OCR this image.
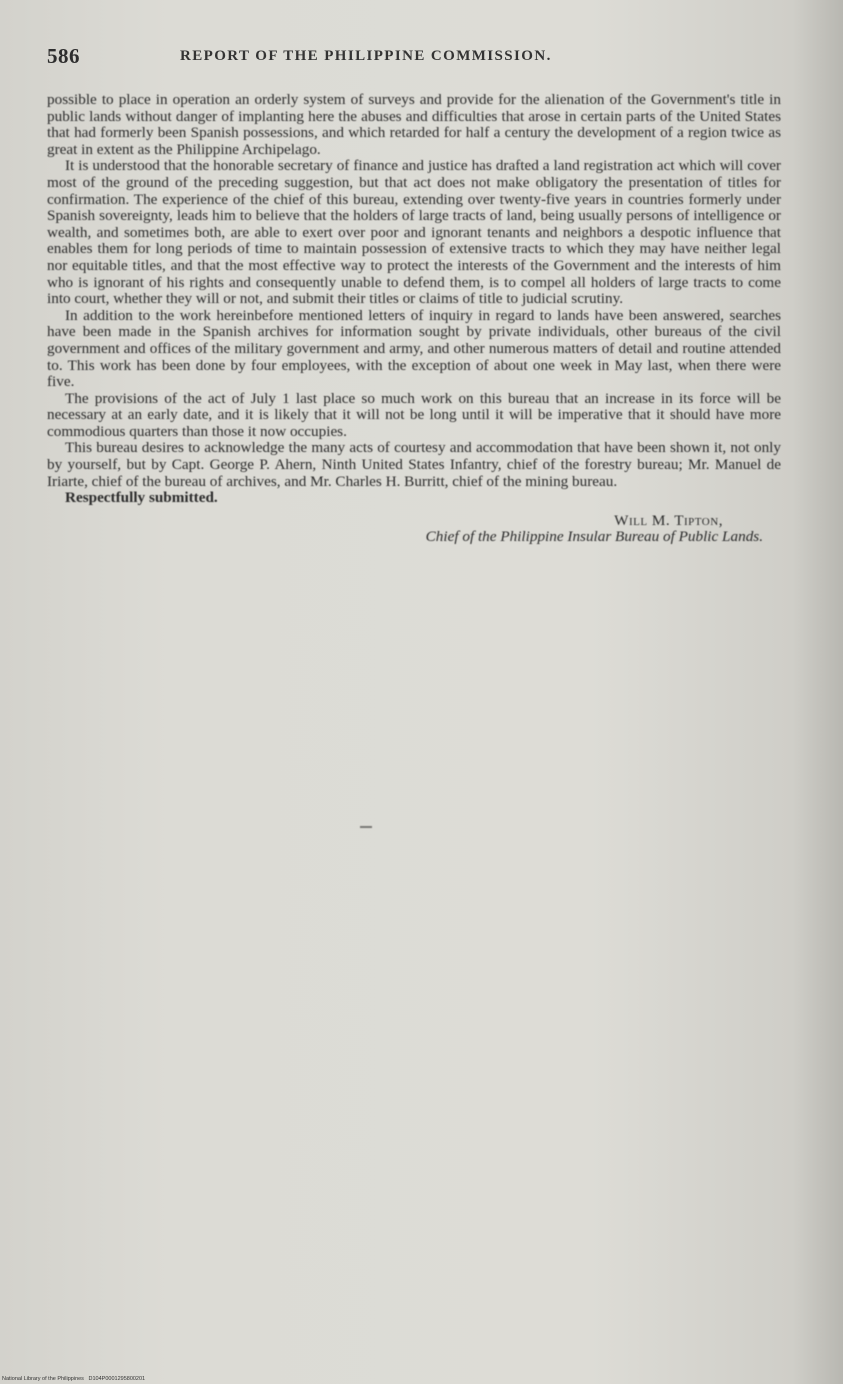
586	REPORT OF THE PHILIPPINE COMMISSION.

possible to place in operation an orderly system of surveys and provide for the alienation of the Government's title in public lands without danger of implanting here the abuses and difficulties that arose in certain parts of the United States that had formerly been Spanish possessions, and which retarded for half a century the development of a region twice as great in extent as the Philippine Archipelago.

It is understood that the honorable secretary of finance and justice has drafted a land registration act which will cover most of the ground of the preceding suggestion, but that act does not make obligatory the presentation of titles for confirmation. The experience of the chief of this bureau, extending over twenty-five years in countries formerly under Spanish sovereignty, leads him to believe that the holders of large tracts of land, being usually persons of intelligence or wealth, and sometimes both, are able to exert over poor and ignorant tenants and neighbors a despotic influence that enables them for long periods of time to maintain possession of extensive tracts to which they may have neither legal nor equitable titles, and that the most effective way to protect the interests of the Government and the interests of him who is ignorant of his rights and consequently unable to defend them, is to compel all holders of large tracts to come into court, whether they will or not, and submit their titles or claims of title to judicial scrutiny.

In addition to the work hereinbefore mentioned letters of inquiry in regard to lands have been answered, searches have been made in the Spanish archives for information sought by private individuals, other bureaus of the civil government and offices of the military government and army, and other numerous matters of detail and routine attended to. This work has been done by four employees, with the exception of about one week in May last, when there were five.

The provisions of the act of July 1 last place so much work on this bureau that an increase in its force will be necessary at an early date, and it is likely that it will not be long until it will be imperative that it should have more commodious quarters than those it now occupies.

This bureau desires to acknowledge the many acts of courtesy and accommodation that have been shown it, not only by yourself, but by Capt. George P. Ahern, Ninth United States Infantry, chief of the forestry bureau; Mr. Manuel de Iriarte, chief of the bureau of archives, and Mr. Charles H. Burritt, chief of the mining bureau.

Respectfully submitted.

Will M. Tipton,
Chief of the Philippine Insular Bureau of Public Lands.
National Library of the Philippines D104P0001295800201
